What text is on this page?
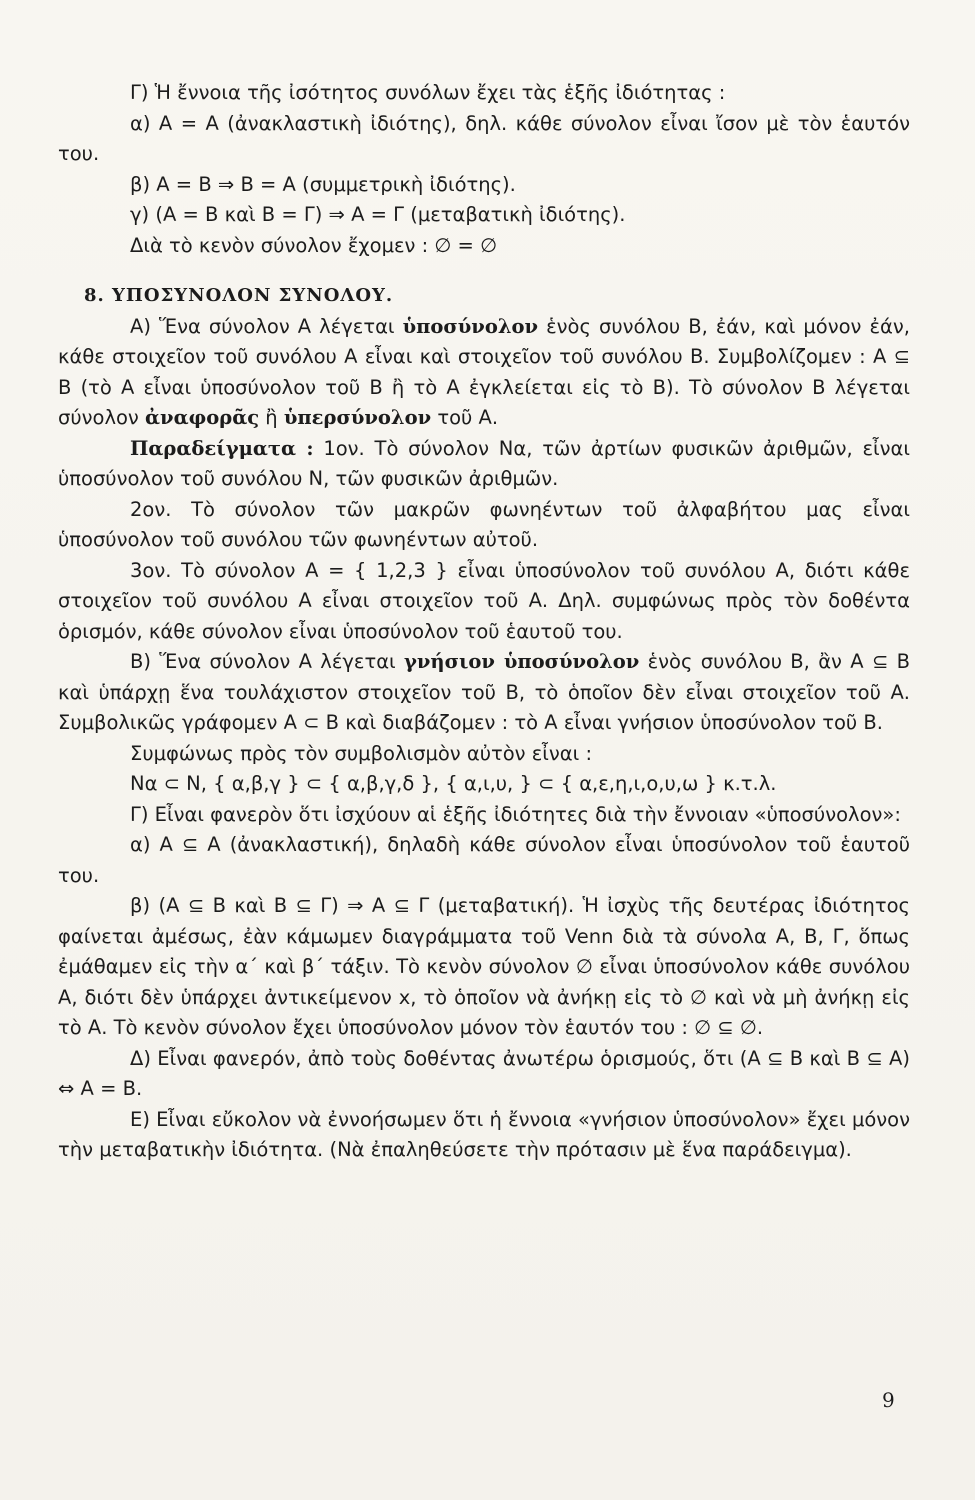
Γ) Ἡ ἔννοια τῆς ἰσότητος συνόλων ἔχει τὰς ἑξῆς ἰδιότητας :

α) Α = Α (ἀνακλαστικὴ ἰδιότης), δηλ. κάθε σύνολον εἶναι ἴσον μὲ τὸν ἑαυτόν του.

β) Α = Β ⇒ Β = Α (συμμετρικὴ ἰδιότης).

γ) (Α = Β καὶ Β = Γ) ⇒ Α = Γ (μεταβατικὴ ἰδιότης).

Διὰ τὸ κενὸν σύνολον ἔχομεν : ∅ = ∅

8. ΥΠΟΣΥΝΟΛΟΝ ΣΥΝΟΛΟΥ.

Α) Ἕνα σύνολον Α λέγεται ὑποσύνολον ἑνὸς συνόλου Β, ἐάν, καὶ μόνον ἐάν, κάθε στοιχεῖον τοῦ συνόλου Α εἶναι καὶ στοιχεῖον τοῦ συνόλου Β. Συμβολίζομεν : Α ⊆ Β (τὸ Α εἶναι ὑποσύνολον τοῦ Β ἢ τὸ Α ἐγκλείεται εἰς τὸ Β). Τὸ σύνολον Β λέγεται σύνολον ἀναφορᾶς ἢ ὑπερσύνολον τοῦ Α.

Παραδείγματα : 1ον. Τὸ σύνολον Να, τῶν ἀρτίων φυσικῶν ἀριθμῶν, εἶναι ὑποσύνολον τοῦ συνόλου Ν, τῶν φυσικῶν ἀριθμῶν.

2ον. Τὸ σύνολον τῶν μακρῶν φωνηέντων τοῦ ἀλφαβήτου μας εἶναι ὑποσύνολον τοῦ συνόλου τῶν φωνηέντων αὐτοῦ.

3ον. Τὸ σύνολον Α = { 1,2,3 } εἶναι ὑποσύνολον τοῦ συνόλου Α, διότι κάθε στοιχεῖον τοῦ συνόλου Α εἶναι στοιχεῖον τοῦ Α. Δηλ. συμφώνως πρὸς τὸν δοθέντα ὁρισμόν, κάθε σύνολον εἶναι ὑποσύνολον τοῦ ἑαυτοῦ του.

Β) Ἕνα σύνολον Α λέγεται γνήσιον ὑποσύνολον ἑνὸς συνόλου Β, ἂν Α ⊆ Β καὶ ὑπάρχῃ ἕνα τουλάχιστον στοιχεῖον τοῦ Β, τὸ ὁποῖον δὲν εἶναι στοιχεῖον τοῦ Α. Συμβολικῶς γράφομεν Α ⊂ Β καὶ διαβάζομεν : τὸ Α εἶναι γνήσιον ὑποσύνολον τοῦ Β.

Συμφώνως πρὸς τὸν συμβολισμὸν αὐτὸν εἶναι :

Να ⊂ Ν, { α,β,γ } ⊂ { α,β,γ,δ }, { α,ι,υ, } ⊂ { α,ε,η,ι,ο,υ,ω } κ.τ.λ.

Γ) Εἶναι φανερὸν ὅτι ἰσχύουν αἱ ἑξῆς ἰδιότητες διὰ τὴν ἔννοιαν «ὑποσύνολον»:

α) Α ⊆ Α (ἀνακλαστική), δηλαδὴ κάθε σύνολον εἶναι ὑποσύνολον τοῦ ἑαυτοῦ του.

β) (Α ⊆ Β καὶ Β ⊆ Γ) ⇒ Α ⊆ Γ (μεταβατική). Ἡ ἰσχὺς τῆς δευτέρας ἰδιότητος φαίνεται ἀμέσως, ἐὰν κάμωμεν διαγράμματα τοῦ Venn διὰ τὰ σύνολα Α, Β, Γ, ὅπως ἐμάθαμεν εἰς τὴν α΄ καὶ β΄ τάξιν. Τὸ κενὸν σύνολον ∅ εἶναι ὑποσύνολον κάθε συνόλου Α, διότι δὲν ὑπάρχει ἀντικείμενον x, τὸ ὁποῖον νὰ ἀνήκῃ εἰς τὸ ∅ καὶ νὰ μὴ ἀνήκῃ εἰς τὸ Α. Τὸ κενὸν σύνολον ἔχει ὑποσύνολον μόνον τὸν ἑαυτόν του : ∅ ⊆ ∅.

Δ) Εἶναι φανερόν, ἀπὸ τοὺς δοθέντας ἀνωτέρω ὁρισμούς, ὅτι (Α ⊆ Β καὶ Β ⊆ Α) ⇔ Α = Β.

Ε) Εἶναι εὔκολον νὰ ἐννοήσωμεν ὅτι ἡ ἔννοια «γνήσιον ὑποσύνολον» ἔχει μόνον τὴν μεταβατικὴν ἰδιότητα. (Νὰ ἐπαληθεύσετε τὴν πρότασιν μὲ ἕνα παράδειγμα).

9
